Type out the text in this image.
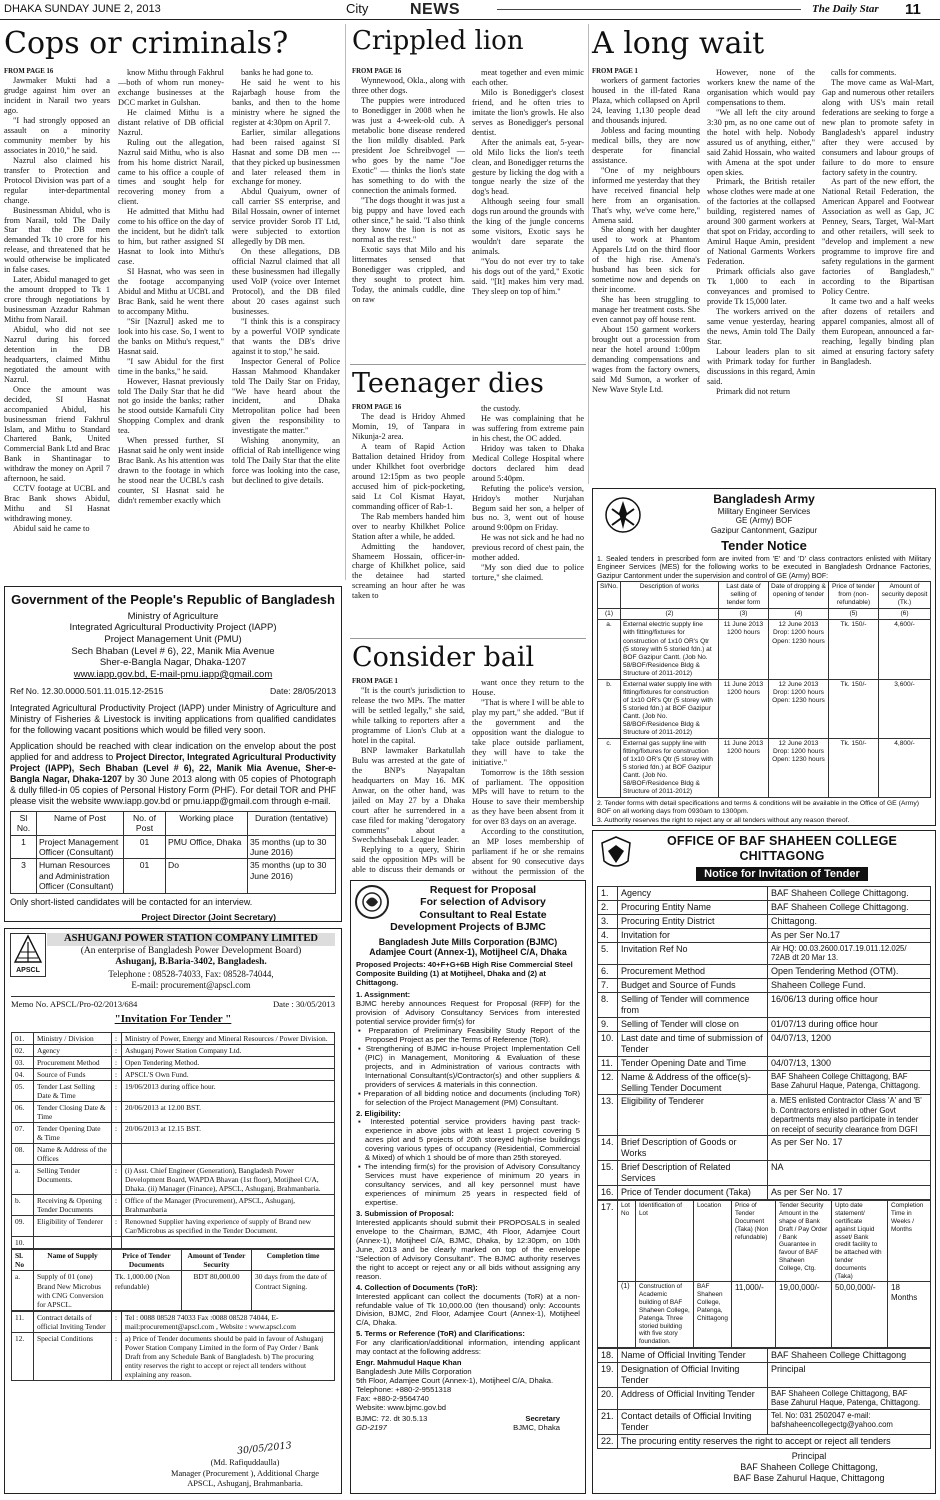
DHAKA SUNDAY JUNE 2, 2013	City	NEWS	The Daily Star 11
Cops or criminals?

FROM PAGE 16

Jawmaker Mukti had a grudge against him over an incident in Narail two years ago.

"I had strongly opposed an assault on a minority community member by his associates in 2010," he said.

Nazrul also claimed his transfer to Protection and Protocol Division was part of a regular inter-departmental change.

Businessman Abidul, who is from Narail, told The Daily Star that the DB men demanded Tk 10 crore for his release, and threatened that he would otherwise be implicated in false cases.

Later, Abidul managed to get the amount dropped to Tk 1 crore through negotiations by businessman Azzadur Rahman Mithu from Narail.

Abidul, who did not see Nazrul during his forced detention in the DB headquarters, claimed Mithu negotiated the amount with Nazrul.

Once the amount was decided, SI Hasnat accompanied Abidul, his businessman friend Fakhrul Islam, and Mithu to Standard Chartered Bank, United Commercial Bank Ltd and Brac Bank in Shantinagar to withdraw the money on April 7 afternoon, he said.

CCTV footage at UCBL and Brac Bank shows Abidul, Mithu and SI Hasnat withdrawing money.

Abidul said he came to

know Mithu through Fakhrul—both of whom run money-exchange businesses at the DCC market in Gulshan.

He claimed Mithu is a distant relative of DB official Nazrul.

Ruling out the allegation, Nazrul said Mithu, who is also from his home district Narail, came to his office a couple of times and sought help for recovering money from a client.

He admitted that Mithu had come to his office on the day of the incident, but he didn't talk to him, but rather assigned SI Hasnat to look into Mithu's case.

SI Hasnat, who was seen in the footage accompanying Abidul and Mithu at UCBL and Brac Bank, said he went there to accompany Mithu.

"Sir [Nazrul] asked me to look into his case. So, I went to the banks on Mithu's request," Hasnat said.

"I saw Abidul for the first time in the banks," he said.

However, Hasnat previously told The Daily Star that he did not go inside the banks; rather he stood outside Karnafuli City Shopping Complex and drank tea.

When pressed further, SI Hasnat said he only went inside Brac Bank. As his attention was drawn to the footage in which he stood near the UCBL's cash counter, SI Hasnat said he didn't remember exactly which

banks he had gone to.

He said he went to his Rajarbagh house from the banks, and then to the home ministry where he signed the register at 4:30pm on April 7.

Earlier, similar allegations had been raised against SI Hasnat and some DB men --- that they picked up businessmen and later released them in exchange for money.

Abdul Quaiyum, owner of call carrier SS enterprise, and Bilal Hossain, owner of internet service provider Sorob IT Ltd, were subjected to extortion allegedly by DB men.

On these allegations, DB official Nazrul claimed that all these businessmen had illegally used VoIP (voice over Internet Protocol), and the DB filed about 20 cases against such businesses.

"I think this is a conspiracy by a powerful VOIP syndicate that wants the DB's drive against it to stop," he said.

Inspector General of Police Hassan Mahmood Khandaker told The Daily Star on Friday, "We have heard about the incident, and Dhaka Metropolitan police had been given the responsibility to investigate the matter."

Wishing anonymity, an official of Rab intelligence wing told The Daily Star that the elite force was looking into the case, but declined to give details.

Crippled lion

FROM PAGE 16

Wynnewood, Okla., along with three other dogs.

The puppies were introduced to Bonedigger in 2008 when he was just a 4-week-old cub. A metabolic bone disease rendered the lion mildly disabled. Park president Joe Schreibvogel — who goes by the name "Joe Exotic" — thinks the lion's state has something to do with the connection the animals formed.

"The dogs thought it was just a big puppy and have loved each other since," he said. "I also think they know the lion is not as normal as the rest."

Exotic says that Milo and his littermates sensed that Bonedigger was crippled, and they sought to protect him. Today, the animals cuddle, dine on raw

meat together and even mimic each other.

Milo is Bonedigger's closest friend, and he often tries to imitate the lion's growls. He also serves as Bonedigger's personal dentist.

After the animals eat, 5-year-old Milo licks the lion's teeth clean, and Bonedigger returns the gesture by licking the dog with a tongue nearly the size of the dog's head.

Although seeing four small dogs run around the grounds with the king of the jungle concerns some visitors, Exotic says he wouldn't dare separate the animals.

"You do not ever try to take his dogs out of the yard," Exotic said. "[It] makes him very mad. They sleep on top of him."

Teenager dies

FROM PAGE 16

The dead is Hridoy Ahmed Momin, 19, of Tanpara in Nikunja-2 area.

A team of Rapid Action Battalion detained Hridoy from under Khilkhet foot overbridge around 12:15pm as two people accused him of pick-pocketing, said Lt Col Kismat Hayat, commanding officer of Rab-1.

The Rab members handed him over to nearby Khilkhet Police Station after a while, he added.

Admitting the handover, Shameem Hossain, officer-in-charge of Khilkhet police, said the detainee had started screaming an hour after he was taken to

the custody.

He was complaining that he was suffering from extreme pain in his chest, the OC added.

Hridoy was taken to Dhaka Medical College Hospital where doctors declared him dead around 5:40pm.

Refuting the police's version, Hridoy's mother Nurjahan Begum said her son, a helper of bus no. 3, went out of house around 9:00pm on Friday.

He was not sick and he had no previous record of chest pain, the mother added.

"My son died due to police torture," she claimed.

Consider bail

FROM PAGE 1

"It is the court's jurisdiction to release the two MPs. The matter will be settled legally," she said, while talking to reporters after a programme of Lion's Club at a hotel in the capital.

BNP lawmaker Barkatullah Bulu was arrested at the gate of the BNP's Nayapaltan headquarters on May 16. MK Anwar, on the other hand, was jailed on May 27 by a Dhaka court after he surrendered in a case filed for making "derogatory comments" about a Swechchhasebak League leader.

Replying to a query, Shirin said the opposition MPs will be able to discuss their demands or

want once they return to the House.

"That is where I will be able to play my part," she added. "But if the government and the opposition want the dialogue to take place outside parliament, they will have to take the initiative."

Tomorrow is the 18th session of parliament. The opposition MPs will have to return to the House to save their membership as they have been absent from it for over 83 days on an average.

According to the constitution, an MP loses membership of parliament if he or she remains absent for 90 consecutive days without the permission of the

A long wait

FROM PAGE 1

workers of garment factories housed in the ill-fated Rana Plaza, which collapsed on April 24, leaving 1,130 people dead and thousands injured.

Jobless and facing mounting medical bills, they are now desperate for financial assistance.

"One of my neighbours informed me yesterday that they have received financial help here from an organisation. That's why, we've come here," Amena said.

She along with her daughter used to work at Phantom Apparels Ltd on the third floor of the high rise. Amena's husband has been sick for sometime now and depends on their income.

She has been struggling to manage her treatment costs. She even cannot pay off house rent.

About 150 garment workers brought out a procession from near the hotel around 1:00pm demanding compensations and wages from the factory owners, said Md Sumon, a worker of New Wave Style Ltd.

However, none of the workers knew the name of the organisation which would pay compensations to them.

"We all left the city around 3:30 pm, as no one came out of the hotel with help. Nobody assured us of anything, either," said Zahid Hossain, who waited with Amena at the spot under open skies.

Primark, the British retailer whose clothes were made at one of the factories at the collapsed building, registered names of around 300 garment workers at that spot on Friday, according to Amirul Haque Amin, president of National Garments Workers Federation.

Primark officials also gave Tk 1,000 to each in conveyances and promised to provide Tk 15,000 later.

The workers arrived on the same venue yesterday, hearing the news, Amin told The Daily Star.

Labour leaders plan to sit with Primark today for further discussions in this regard, Amin said.

Primark did not return

calls for comments.

The move came as Wal-Mart, Gap and numerous other retailers along with US's main retail federations are seeking to forge a new plan to promote safety in Bangladesh's apparel industry after they were accused by consumers and labour groups of failure to do more to ensure factory safety in the country.

As part of the new effort, the National Retail Federation, the American Apparel and Footwear Association as well as Gap, JC Penney, Sears, Target, Wal-Mart and other retailers, will seek to "develop and implement a new programme to improve fire and safety regulations in the garment factories of Bangladesh," according to the Bipartisan Policy Centre.

It came two and a half weeks after dozens of retailers and apparel companies, almost all of them European, announced a far-reaching, legally binding plan aimed at ensuring factory safety in Bangladesh.

Government of the People's Republic of Bangladesh
Ministry of Agriculture
Integrated Agricultural Productivity Project (IAPP)
Project Management Unit (PMU)
Sech Bhaban (Level # 6), 22, Manik Mia Avenue
Sher-e-Bangla Nagar, Dhaka-1207
www.iapp.gov.bd, E-mail-pmu.iapp@gmail.com
Ref No. 12.30.0000.501.11.015.12-2515	Date: 28/05/2013
Integrated Agricultural Productivity Project (IAPP) under Ministry of Agriculture and Ministry of Fisheries & Livestock is inviting applications from qualified candidates for the following vacant positions which would be filled very soon.
Application should be reached with clear indication on the envelop about the post applied for and address to Project Director, Integrated Agricultural Productivity Project (IAPP), Sech Bhaban (Level # 6), 22, Manik Mia Avenue, Sher-e-Bangla Nagar, Dhaka-1207 by 30 June 2013 along with 05 copies of Photograph & dully filled-in 05 copies of Personal History Form (PHF). For detail TOR and PHF please visit the website www.iapp.gov.bd or pmu.iapp@gmail.com through e-mail.
Sl No.	Name of Post	No. of Post	Working place	Duration (tentative)
1	Project Management Officer (Consultant)	01	PMU Office, Dhaka	35 months (up to 30 June 2016)
3	Human Resources and Administration Officer (Consultant)	01	Do	35 months (up to 30 June 2016)
Only short-listed candidates will be contacted for an interview.
Project Director (Joint Secretary)
APSCL
ASHUGANJ POWER STATION COMPANY LIMITED
(An enterprise of Bangladesh Power Development Board)
Ashuganj, B.Baria-3402, Bangladesh.
Telephone : 08528-74033, Fax: 08528-74044,
E-mail: procurement@apscl.com
Memo No. APSCL/Pro-02/2013/684	Date : 30/05/2013
"Invitation For Tender "
01.	Ministry / Division	:	Ministry of Power, Energy and Mineral Resources / Power Division.
02.	Agency	:	Ashuganj Power Station Company Ltd.
03.	Procurement Method	:	Open Tendering Method.
04.	Source of Funds	:	APSCL'S Own Fund.
05.	Tender Last Selling Date & Time	:	19/06/2013 during office hour.
06.	Tender Closing Date & Time	:	20/06/2013 at 12.00 BST.
07.	Tender Opening Date & Time	:	20/06/2013 at 12.15 BST.
08.	Name & Address of the Offices		
a.	Selling Tender Documents.	:	(i) Asst. Chief Engineer (Generation), Bangladesh Power Development Board, WAPDA Bhavan (1st floor), Motijheel C/A, Dhaka. (ii) Manager (Finance), APSCL, Ashuganj, Brahmanbaria.
b.	Receiving & Opening Tender Documents	:	Office of the Manager (Procurement), APSCL, Ashuganj, Brahmanbaria
09.	Eligibility of Tenderer	:	Renowned Supplier having experience of supply of Brand new Car/Microbus as specified in the Tender Document.
10.			
Sl. No	Name of Supply	Price of Tender Documents	Amount of Tender Security	Completion time
a.	Supply of 01 (one) Brand New Microbus with CNG Conversion for APSCL.	Tk. 1,000.00 (Non refundable)	BDT 80,000.00	30 days from the date of Contract Signing.
11.	Contract details of official Inviting Tender	:	Tel : 0088 08528 74033 Fax :0088 08528 74044, E-mail:procurement@apscl.com , Website : www.apscl.com
12.	Special Conditions	:	a) Price of Tender documents should be paid in favour of Ashuganj Power Station Company Limited in the form of Pay Order / Bank Draft from any Schedule Bank of Bangladesh. b) The procuring entity reserves the right to accept or reject all tenders without explaining any reason.
30/05/2013
(Md. Rafiquddaulla)
Manager (Procurement ), Additional Charge
APSCL, Ashuganj, Brahmanbaria.
Request for Proposal
For selection of Advisory
Consultant to Real Estate
Development Projects of BJMC
Bangladesh Jute Mills Corporation (BJMC)
Adamjee Court (Annex-1), Motijheel C/A, Dhaka
Proposed Projects: 40+F+G+6B High Rise Commercial Steel Composite Building (1) at Motijheel, Dhaka and (2) at Chittagong.
1. Assignment:
BJMC hereby announces Request for Proposal (RFP) for the provision of Advisory Consultancy Services from interested potential service provider firm(s) for

▪ Preparation of Preliminary Feasibility Study Report of the Proposed Project as per the Terms of Reference (ToR).

▪ Strengthening of BJMC in-house Project Implementation Cell (PIC) in Management, Monitoring & Evaluation of these projects, and in Administration of various contracts with International Consultant(s)/Contractor(s) and other suppliers & providers of services & materials in this connection.

▪ Preparation of all bidding notice and documents (including ToR) for selection of the Project Management (PM) Consultant.

2. Eligibility:

▪ Interested potential service providers having past track-experience in above jobs with at least 1 project covering 5 acres plot and 5 projects of 20th storeyed high-rise buildings covering various types of occupancy (Residential, Commercial & Mixed) of which 1 should be of more than 25th storeyed.

▪ The intending firm(s) for the provision of Advisory Consultancy Services must have experience of minimum 20 years in consultancy services, and all key personnel must have experiences of minimum 25 years in respected field of expertise.

3. Submission of Proposal:
Interested applicants should submit their PROPOSALS in sealed envelope to the Chairman, BJMC, 4th Floor, Adamjee Court (Annex-1), Motijheel C/A, BJMC, Dhaka, by 12:30pm, on 10th June, 2013 and be clearly marked on top of the envelope "Selection of Advisory Consultant". The BJMC authority reserves the right to accept or reject any or all bids without assigning any reason.
4. Collection of Documents (ToR):
Interested applicant can collect the documents (ToR) at a non-refundable value of Tk 10,000.00 (ten thousand) only: Accounts Division, BJMC, 2nd Floor, Adamjee Court (Annex-1), Motijheel C/A, Dhaka.
5. Terms or Reference (ToR) and Clarifications:
For any clarification/additional information, intending applicant may contact at the following address:
Engr. Mahmudul Haque Khan
Bangladesh Jute Mills Corporation
5th Floor, Adamjee Court (Annex-1), Motijheel C/A, Dhaka.
Telephone: +880-2-9551318
Fax: +880-2-9564740
Website: www.bjmc.gov.bd
BJMC: 72. dt 30.5.13	Secretary
GD-2197	BJMC, Dhaka
Bangladesh Army
Military Engineer Services
GE (Army) BOF
Gazipur Cantonment, Gazipur
Tender Notice
1. Sealed tenders in prescribed form are invited from 'E' and 'D' class contractors enlisted with Military Engineer Services (MES) for the following works to be executed in Bangladesh Ordnance Factories, Gazipur Cantonment under the supervision and control of GE (Army) BOF:
Sl/No.	Description of works	Last date of selling of tender form	Date of dropping & opening of tender	Price of tender from (non-refundable)	Amount of security deposit (Tk.)
(1)	(2)	(3)	(4)	(5)	(6)
a.	External electric supply line with fitting/fixtures for construction of 1x10 OR's Qtr (5 storey with 5 storied fdn.) at BOF Gazipur Cantt. (Job No. 58/BOF/Residence Bldg & Structure of 2011-2012)	11 June 2013 1200 hours	12 June 2013 Drop: 1200 hours Open: 1230 hours	Tk. 150/-	4,600/-
b.	External water supply line with fitting/fixtures for construction of 1x10 OR's Qtr (5 storey with 5 storied fdn.) at BOF Gazipur Cantt. (Job No. 58/BOF/Residence Bldg & Structure of 2011-2012)	11 June 2013 1200 hours	12 June 2013 Drop: 1200 hours Open: 1230 hours	Tk. 150/-	3,600/-
c.	External gas supply line with fitting/fixtures for construction of 1x10 OR's Qtr (5 storey with 5 storied fdn.) at BOF Gazipur Cantt. (Job No. 58/BOF/Residence Bldg & Structure of 2011-2012)	11 June 2013 1200 hours	12 June 2013 Drop: 1200 hours Open: 1230 hours	Tk. 150/-	4,800/-
2. Tender forms with detail specifications and terms & conditions will be available in the Office of GE (Army) BOF on all working days from 0930am to 1300pm.
3. Authority reserves the right to reject any or all tenders without any reason thereof.
OFFICE OF BAF SHAHEEN COLLEGE CHITTAGONG
Notice for Invitation of Tender
1.	Agency	BAF Shaheen College Chittagong.
2.	Procuring Entity Name	BAF Shaheen College Chittagong.
3.	Procuring Entity District	Chittagong.
4.	Invitation for	As per Ser No.17
5.	Invitation Ref No	Air HQ: 00.03.2600.017.19.011.12.025/ 72AB dt 20 Mar 13.
6.	Procurement Method	Open Tendering Method (OTM).
7.	Budget and Source of Funds	Shaheen College Fund.
8.	Selling of Tender will commence from	16/06/13 during office hour
9.	Selling of Tender will close on	01/07/13 during office hour
10.	Last date and time of submission of Tender	04/07/13, 1200
11.	Tender Opening Date and Time	04/07/13, 1300
12.	Name & Address of the office(s)- Selling Tender Document	BAF Shaheen College Chittagong, BAF Base Zahurul Haque, Patenga, Chittagong.
13.	Eligibility of Tenderer	a. MES enlisted Contractor Class 'A' and 'B' b. Contractors enlisted in other Govt departments may also participate in tender on receipt of security clearance from DGFI
14.	Brief Description of Goods or Works	As per Ser No. 17
15.	Brief Description of Related Services	NA
16.	Price of Tender document (Taka)	As per Ser No. 17
17.	Lot No	Identification of Lot	Location	Price of Tender Document (Taka) (Non refundable)	Tender Security Amount in the shape of Bank Draft / Pay Order / Bank Guarantee in favour of BAF Shaheen College, Ctg.	Upto date statement/ certificate against Liquid asset/ Bank credit facility to be attached with tender documents (Taka)	Completion Time in Weeks / Months
	(1)	Construction of Academic building of BAF Shaheen College, Patenga. Three storied building with five story foundation.	BAF Shaheen College, Patenga, Chittagong	11,000/-	19,00,000/-	50,00,000/-	18 Months
18.	Name of Official Inviting Tender	BAF Shaheen College Chittagong
19.	Designation of Official Inviting Tender	Principal
20.	Address of Official Inviting Tender	BAF Shaheen College Chittagong, BAF Base Zahurul Haque, Patenga, Chittagong.
21.	Contact details of Official Inviting Tender	Tel. No: 031 2502047 e-mail: bafshaheencollegectg@yahoo.com
22.	The procuring entity reserves the right to accept or reject all tenders	
Principal
BAF Shaheen College Chittagong,
BAF Base Zahurul Haque, Chittagong
